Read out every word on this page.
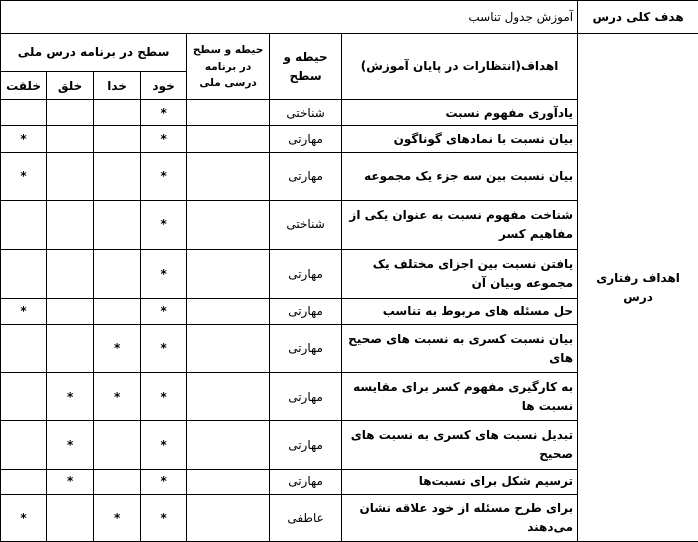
هدف کلی درس	آموزش جدول تناسب						
اهداف رفتاری درس	اهداف(انتظارات در پایان آموزش)	حیطه و سطح	حیطه و سطح در برنامه درسی ملی	سطح در برنامه درس ملی			
				خود	خدا	خلق	خلقت
	یادآوری مفهوم نسبت	شناختی		*			
	بیان نسبت با نمادهای گوناگون	مهارتی		*			*
	بیان نسبت بین سه جزء یک مجموعه	مهارتی		*			*
	شناخت مفهوم نسبت به عنوان یکی از مفاهیم کسر	شناختی		*			
	یافتن نسبت بین اجزای مختلف یک مجموعه وبیان آن	مهارتی		*			
	حل مسئله های مربوط به تناسب	مهارتی		*			*
	بیان نسبت کسری به نسبت های صحیح های	مهارتی		*	*		
	به کارگیری مفهوم کسر برای مقایسه نسبت ها	مهارتی		*	*	*	
	تبدیل نسبت های کسری به نسبت های صحیح	مهارتی		*		*	
	ترسیم شکل برای نسبت‌ها	مهارتی		*		*	
	برای طرح مسئله از خود علاقه نشان می‌دهند	عاطفی		*	*		*
